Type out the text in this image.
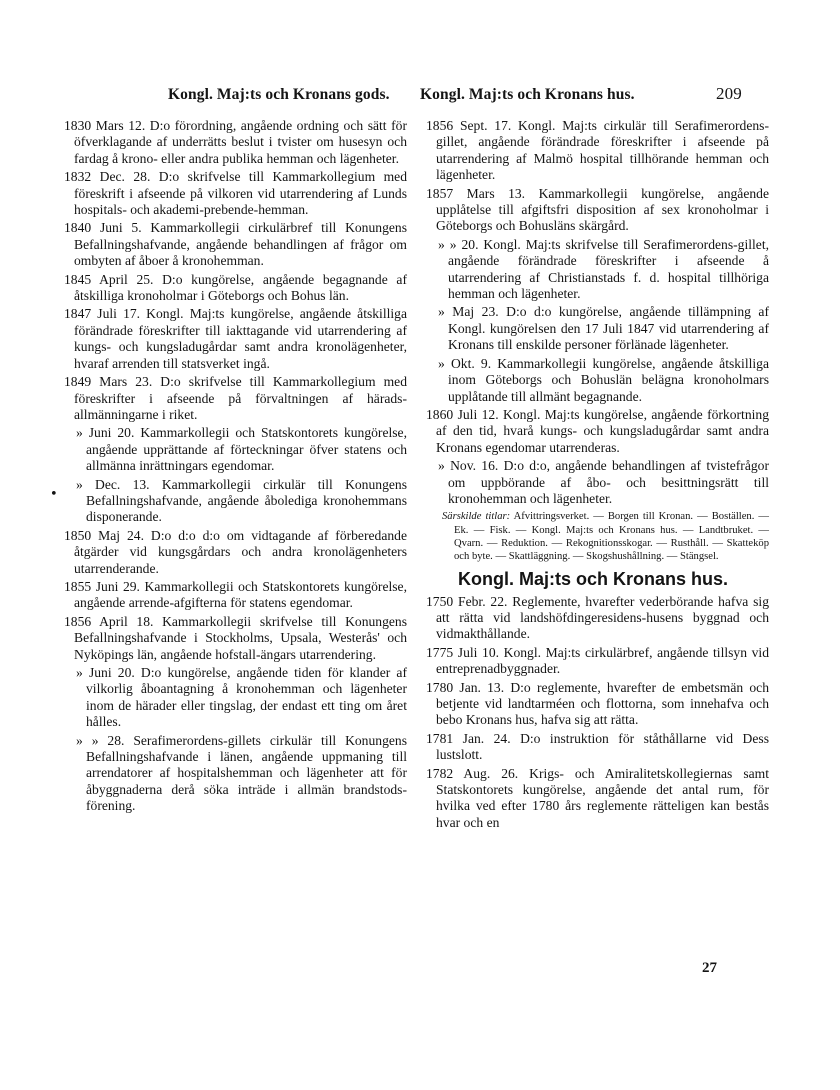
Kongl. Maj:ts och Kronans gods. Kongl. Maj:ts och Kronans hus.	209
•

1830 Mars 12. D:o förordning, angående ordning och sätt för öfverklagande af underrätts beslut i tvister om husesyn och fardag å krono- eller andra publika hemman och lägenheter.

1832 Dec. 28. D:o skrifvelse till Kammarkollegium med föreskrift i afseende på vilkoren vid utarrendering af Lunds hospitals- och akademi-prebende-hemman.

1840 Juni 5. Kammarkollegii cirkulärbref till Konungens Befallningshafvande, angående behandlingen af frågor om ombyten af åboer å kronohemman.

1845 April 25. D:o kungörelse, angående begagnande af åtskilliga kronoholmar i Göteborgs och Bohus län.

1847 Juli 17. Kongl. Maj:ts kungörelse, angående åtskilliga förändrade föreskrifter till iakttagande vid utarrendering af kungs- och kungsladugårdar samt andra kronolägenheter, hvaraf arrenden till statsverket ingå.

1849 Mars 23. D:o skrifvelse till Kammarkollegium med föreskrifter i afseende på förvaltningen af härads-allmänningarne i riket.

» Juni 20. Kammarkollegii och Statskontorets kungörelse, angående upprättande af förteckningar öfver statens och allmänna inrättningars egendomar.

» Dec. 13. Kammarkollegii cirkulär till Konungens Befallningshafvande, angående åboledigа kronohemmans disponerande.

1850 Maj 24. D:o d:o d:o om vidtagande af förberedande åtgärder vid kungsgårdars och andra kronolägenheters utarrenderande.

1855 Juni 29. Kammarkollegii och Statskontorets kungörelse, angående arrende-afgifterna för statens egendomar.

1856 April 18. Kammarkollegii skrifvelse till Konungens Befallningshafvande i Stockholms, Upsala, Westerås' och Nyköpings län, angående hofstall-ängars utarrendering.

» Juni 20. D:o kungörelse, angående tiden för klander af vilkorlig åboantagning å kronohemman och lägenheter inom de häradеr eller tingslag, der endast ett ting om året hålles.

» » 28. Serafimerordens-gillets cirkulär till Konungens Befallningshafvande i länen, angående uppmaning till arrendatorer af hospitalshemman och lägenheter att för åbyggnaderna derå söka inträde i allmän brandstods-förening.

1856 Sept. 17. Kongl. Maj:ts cirkulär till Serafimerordens-gillet, angående förändrade föreskrifter i afseende på utarrendering af Malmö hospital tillhörande hemman och lägenheter.

1857 Mars 13. Kammarkollegii kungörelse, angående upplåtelse till afgiftsfri disposition af sex kronoholmar i Göteborgs och Bohusläns skärgård.

» » 20. Kongl. Maj:ts skrifvelse till Serafimerordens-gillet, angående förändrade föreskrifter i afseende å utarrendering af Christianstads f. d. hospital tillhöriga hemman och lägenheter.

» Maj 23. D:o d:o kungörelse, angående tillämpning af Kongl. kungörelsen den 17 Juli 1847 vid utarrendering af Kronans till enskilde personer förlänade lägenheter.

» Okt. 9. Kammarkollegii kungörelse, angående åtskilliga inom Göteborgs och Bohuslän belägna kronoholmars upplåtande till allmänt begagnande.

1860 Juli 12. Kongl. Maj:ts kungörelse, angående förkortning af den tid, hvarå kungs- och kungsladugårdar samt andra Kronans egendomar utarrenderas.

» Nov. 16. D:o d:o, angående behandlingen af tvistefrågor om uppbörande af åbo- och besittningsrätt till kronohemman och lägenheter.

Särskilde titlar: Afvittringsverket. — Borgen till Kronan. — Boställen. — Ek. — Fisk. — Kongl. Maj:ts och Kronans hus. — Landtbruket. — Qvarn. — Reduktion. — Rekognitionsskogar. — Rusthåll. — Skatteköp och byte. — Skattläggning. — Skogshushållning. — Stängsel.

Kongl. Maj:ts och Kronans hus.

1750 Febr. 22. Reglemente, hvarefter vederbörande hafva sig att rätta vid landshöfdingeresidens-husens byggnad och vidmakthållande.

1775 Juli 10. Kongl. Maj:ts cirkulärbref, angående tillsyn vid entreprenadbyggnader.

1780 Jan. 13. D:o reglemente, hvarefter de embetsmän och betjente vid landtarméen och flottorna, som innehafva och bebo Kronans hus, hafva sig att rätta.

1781 Jan. 24. D:o instruktion för ståthållarne vid Dess lustslott.

1782 Aug. 26. Krigs- och Amiralitetskollegiernas samt Statskontorets kungörelse, angående det antal rum, för hvilka ved efter 1780 års reglemente rätteligen kan bestås hvar och en

27
